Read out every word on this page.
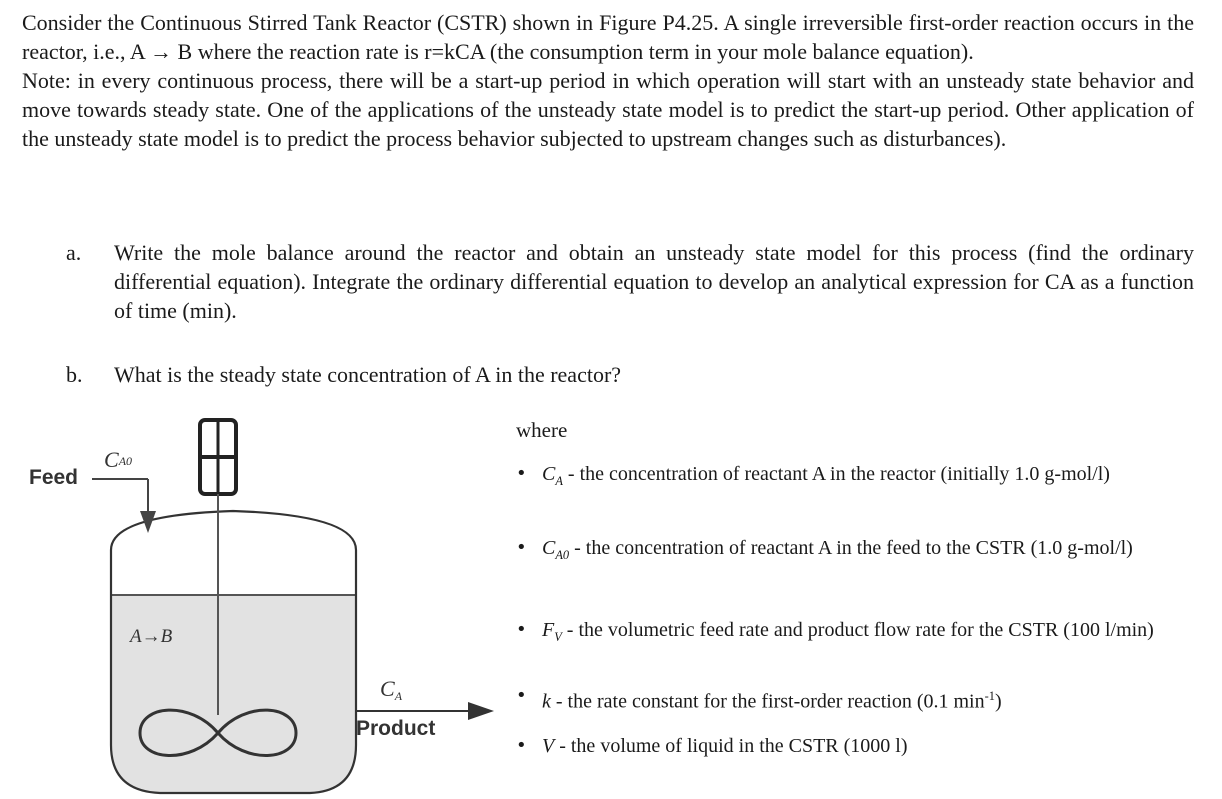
Consider the Continuous Stirred Tank Reactor (CSTR) shown in Figure P4.25. A single irreversible first-order reaction occurs in the reactor, i.e., A → B where the reaction rate is r=kCA (the consumption term in your mole balance equation).

Note: in every continuous process, there will be a start-up period in which operation will start with an unsteady state behavior and move towards steady state. One of the applications of the unsteady state model is to predict the start-up period. Other application of the unsteady state model is to predict the process behavior subjected to upstream changes such as disturbances).

a. Write the mole balance around the reactor and obtain an unsteady state model for this process (find the ordinary differential equation). Integrate the ordinary differential equation to develop an analytical expression for CA as a function of time (min).
b. What is the steady state concentration of A in the reactor?
Feed
CA0
A→B
CA
Product
where
• $C_A$ - the concentration of reactant A in the reactor (initially 1.0 g-mol/l)
• $C_{A0}$ - the concentration of reactant A in the feed to the CSTR (1.0 g-mol/l)
• $F_V$ - the volumetric feed rate and product flow rate for the CSTR (100 l/min)
• k - the rate constant for the first-order reaction (0.1 $\min^{-1}$)
• V - the volume of liquid in the CSTR (1000 l)
